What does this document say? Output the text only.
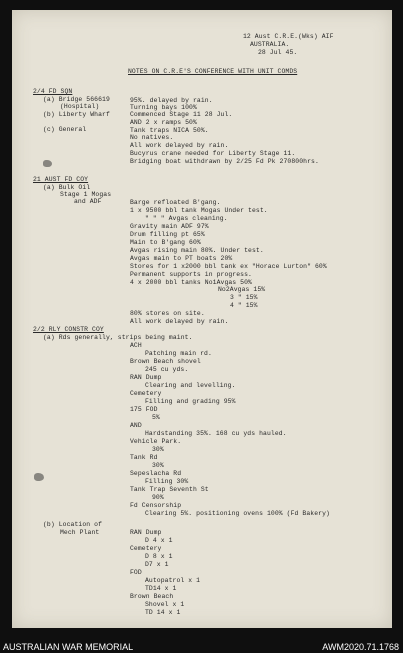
12 Aust C.R.E.(Wks) AIF
AUSTRALIA.
28 Jul 45.
NOTES ON C.R.E'S CONFERENCE WITH UNIT COMDS
2/4 FD SQN
(a) Bridge 566619
(Hospital)
95%. delayed by rain.
Turning bays 100%
(b) Liberty Wharf	Commenced Stage 11 28 Jul.
AND 2 x ramps 50%
(c) General	Tank traps NICA 50%.
No natives.
All work delayed by rain.
Bucyrus crane needed for Liberty Stage 11.
Bridging boat withdrawn by 2/25 Fd Pk 270800hrs.
21 AUST FD COY
(a) Bulk Oil
Stage 1 Mogas
and ADF	Barge refloated B'gang.
1 x 9500 bbl tank Mogas Under test.
" " " Avgas cleaning.
Gravity main ADF 97%
Drum filling pt 65%
Main to B'gang 60%
Avgas rising main 80%. Under test.
Avgas main to PT boats 20%
Stores for 1 x2000 bbl tank ex "Horace Lurton" 60%
Permanent supports in progress.
4 x 2000 bbl tanks No1Avgas 50%
No2Avgas 15%
3 " 15%
4 " 15%
80% stores on site.
All work delayed by rain.
2/2 RLY CONSTR COY
(a) Rds generally, strips being maint.
ACH
Patching main rd.
Brown Beach shovel
245 cu yds.
RAN Dump
Clearing and levelling.
Cemetery
Filling and grading 95%
175 FOD
5%
AND
Hardstanding 35%. 168 cu yds hauled.
Vehicle Park.
30%
Tank Rd
30%
Sepeslacha Rd
Filling 30%
Tank Trap Seventh St
90%
Fd Censorship
Clearing 5%. positioning ovens 100% (Fd Bakery)
(b) Location of
Mech Plant	RAN Dump
D 4 x 1
Cemetery
D 8 x 1
D7 x 1
FOD
Autopatrol x 1
TD14 x 1
Brown Beach
Shovel x 1
TD 14 x 1
AUSTRALIAN WAR MEMORIAL	AWM2020.71.1768
